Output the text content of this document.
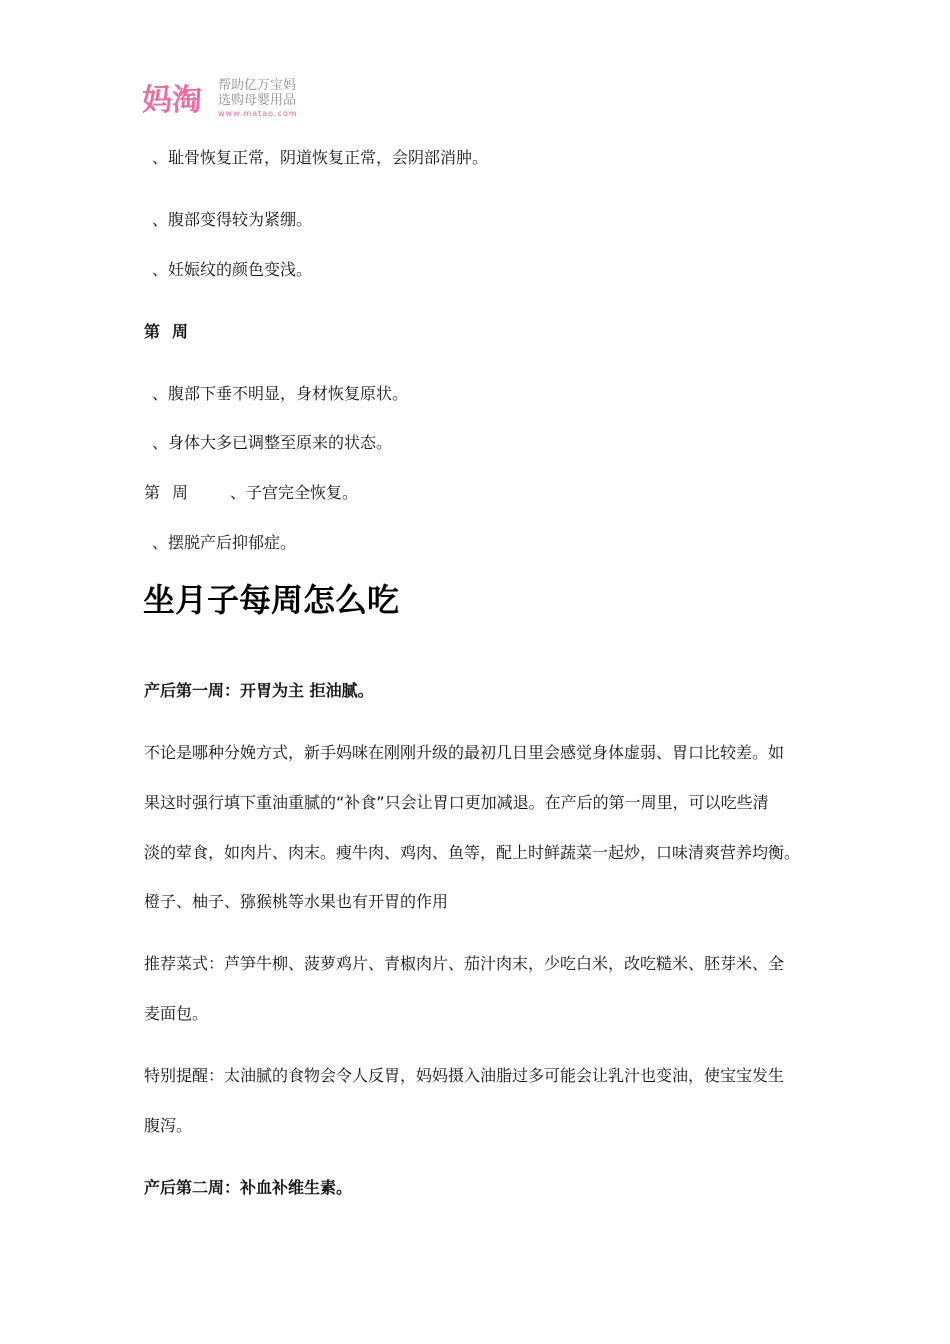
妈淘 帮助亿万宝妈
选购母婴用品
www.matao.com
、耻骨恢复正常，阴道恢复正常，会阴部消肿。
、腹部变得较为紧绷。
、妊娠纹的颜色变浅。
第 周
、腹部下垂不明显，身材恢复原状。
、身体大多已调整至原来的状态。
第 周	、子宫完全恢复。
、摆脱产后抑郁症。
坐月子每周怎么吃
产后第一周：开胃为主 拒油腻。
不论是哪种分娩方式，新手妈咪在刚刚升级的最初几日里会感觉身体虚弱、胃口比较差。如
果这时强行填下重油重腻的“补食”只会让胃口更加减退。在产后的第一周里，可以吃些清
淡的荤食，如肉片、肉末。瘦牛肉、鸡肉、鱼等，配上时鲜蔬菜一起炒，口味清爽营养均衡。
橙子、柚子、猕猴桃等水果也有开胃的作用
推荐菜式：芦笋牛柳、菠萝鸡片、青椒肉片、茄汁肉末，少吃白米，改吃糙米、胚芽米、全
麦面包。
特别提醒：太油腻的食物会令人反胃，妈妈摄入油脂过多可能会让乳汁也变油，使宝宝发生
腹泻。
产后第二周：补血补维生素。
